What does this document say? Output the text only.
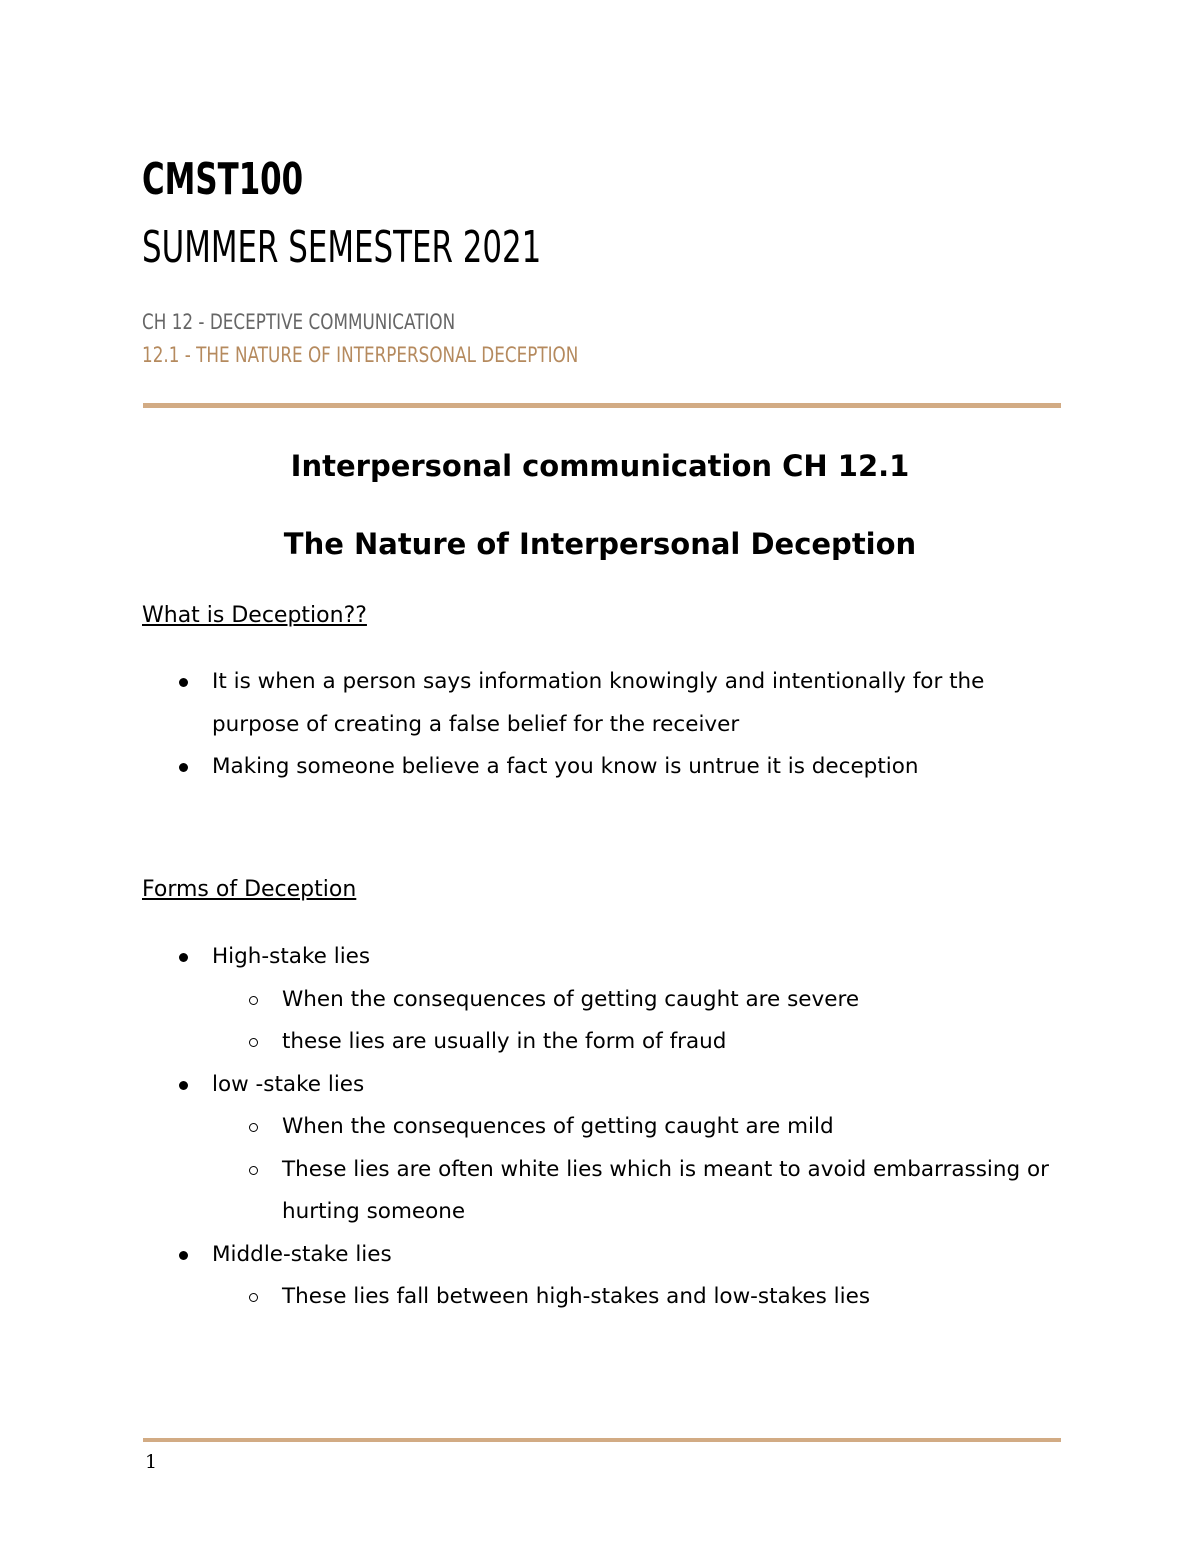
CMST100
SUMMER SEMESTER 2021
CH 12 - DECEPTIVE COMMUNICATION
12.1 - THE NATURE OF INTERPERSONAL DECEPTION
Interpersonal communication CH 12.1
The Nature of Interpersonal Deception
What is Deception??
It is when a person says information knowingly and intentionally for the purpose of creating a false belief for the receiver
Making someone believe a fact you know is untrue it is deception
Forms of Deception
High-stake lies
When the consequences of getting caught are severe
these lies are usually in the form of fraud
low -stake lies
When the consequences of getting caught are mild
These lies are often white lies which is meant to avoid embarrassing or hurting someone
Middle-stake lies
These lies fall between high-stakes and low-stakes lies
1
